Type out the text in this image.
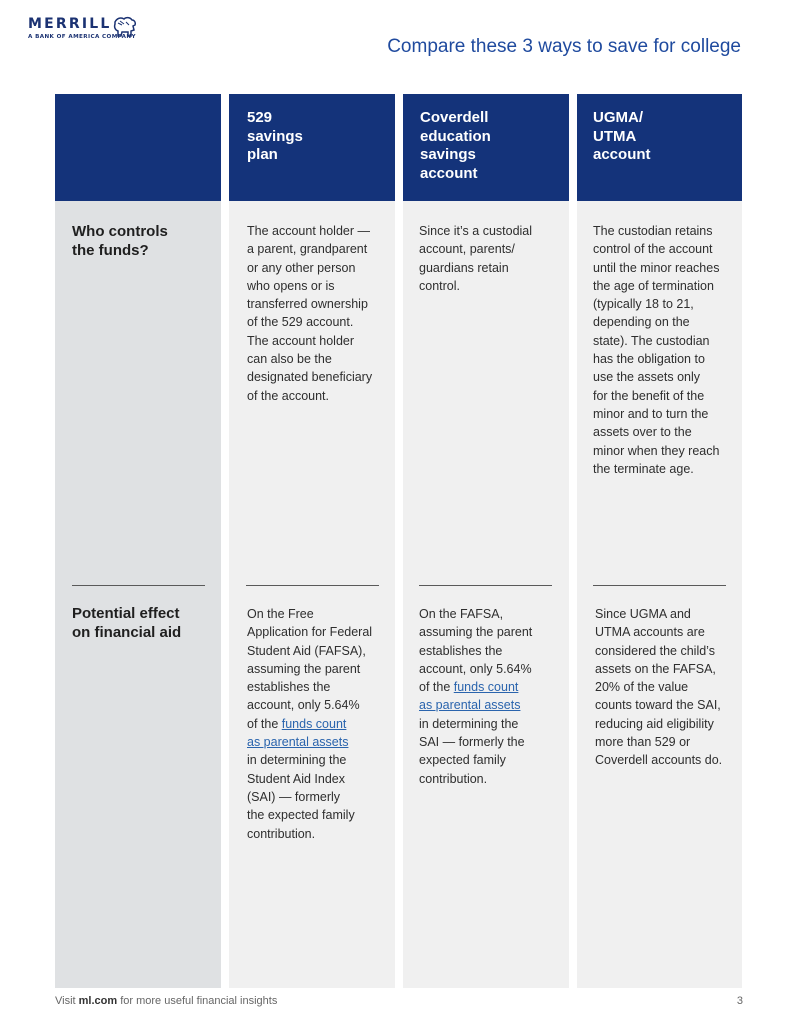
MERRILL
A BANK OF AMERICA COMPANY	Compare these 3 ways to save for college
Who controls
the funds?
Potential effect
on financial aid
529
savings
plan
The account holder —
a parent, grandparent
or any other person
who opens or is
transferred ownership
of the 529 account.
The account holder
can also be the
designated beneficiary
of the account.
On the Free
Application for Federal
Student Aid (FAFSA),
assuming the parent
establishes the
account, only 5.64%
of the funds count
as parental assets
in determining the
Student Aid Index
(SAI) — formerly
the expected family
contribution.
Coverdell
education
savings
account
Since it’s a custodial
account, parents/
guardians retain
control.
On the FAFSA,
assuming the parent
establishes the
account, only 5.64%
of the funds count
as parental assets
in determining the
SAI — formerly the
expected family
contribution.
UGMA/
UTMA
account
The custodian retains
control of the account
until the minor reaches
the age of termination
(typically 18 to 21,
depending on the
state). The custodian
has the obligation to
use the assets only
for the benefit of the
minor and to turn the
assets over to the
minor when they reach
the terminate age.
Since UGMA and
UTMA accounts are
considered the child’s
assets on the FAFSA,
20% of the value
counts toward the SAI,
reducing aid eligibility
more than 529 or
Coverdell accounts do.
Visit ml.com for more useful financial insights	3
